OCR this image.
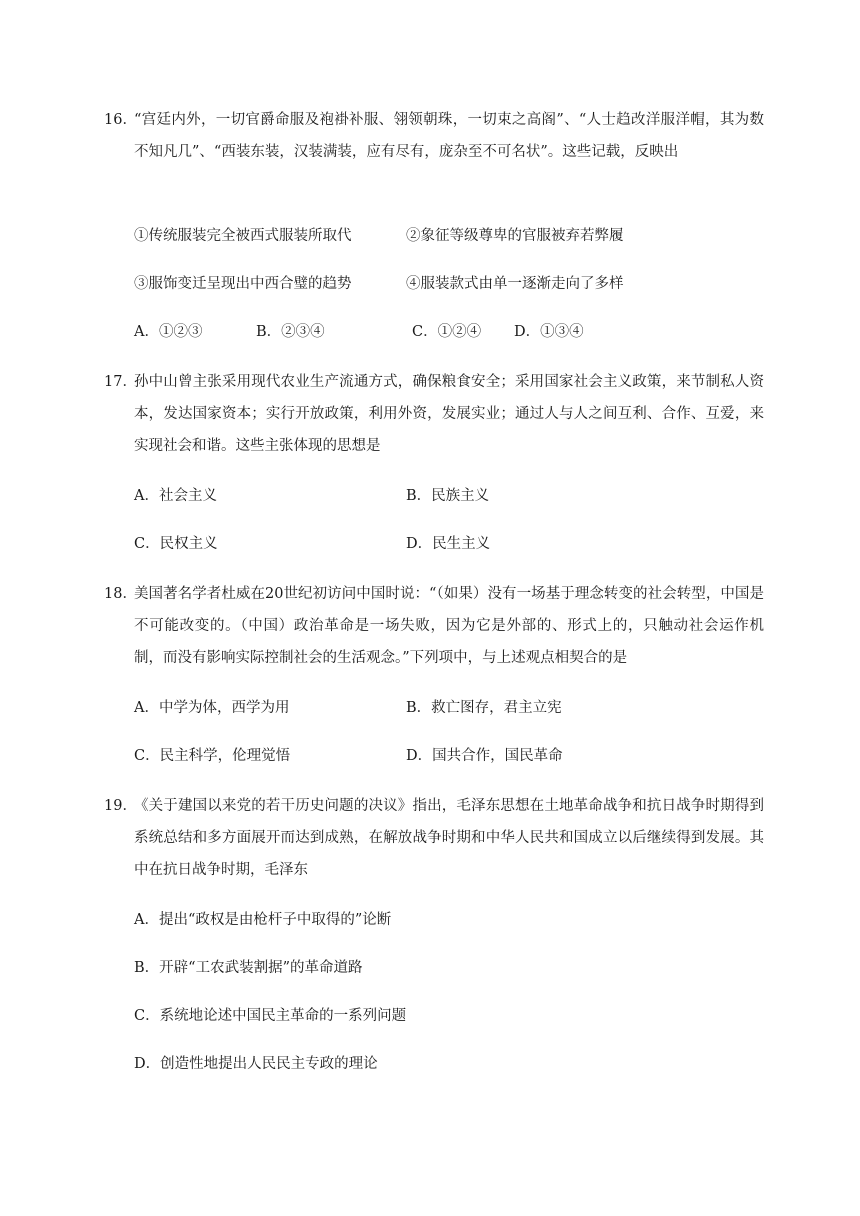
16．
“宫廷内外，一切官爵命服及袍褂补服、翎领朝珠，一切束之高阁”、“人士趋改洋服洋帽，其为数不知凡几”、“西装东装，汉装满装，应有尽有，庞杂至不可名状”。这些记载，反映出
①传统服装完全被西式服装所取代	②象征等级尊卑的官服被弃若弊履
③服饰变迁呈现出中西合璧的趋势	④服装款式由单一逐渐走向了多样
A．①②③	B．②③④	C．①②④ D．①③④
17．
孙中山曾主张采用现代农业生产流通方式，确保粮食安全；采用国家社会主义政策，来节制私人资本，发达国家资本；实行开放政策，利用外资，发展实业；通过人与人之间互利、合作、互爱，来实现社会和谐。这些主张体现的思想是
A．社会主义	B．民族主义
C．民权主义	D．民生主义
18．
美国著名学者杜威在20世纪初访问中国时说：“（如果）没有一场基于理念转变的社会转型，中国是不可能改变的。（中国）政治革命是一场失败，因为它是外部的、形式上的，只触动社会运作机制，而没有影响实际控制社会的生活观念。”下列项中，与上述观点相契合的是
A．中学为体，西学为用	B．救亡图存，君主立宪
C．民主科学，伦理觉悟	D．国共合作，国民革命
19．
《关于建国以来党的若干历史问题的决议》指出，毛泽东思想在土地革命战争和抗日战争时期得到系统总结和多方面展开而达到成熟，在解放战争时期和中华人民共和国成立以后继续得到发展。其中在抗日战争时期，毛泽东
A．提出“政权是由枪杆子中取得的”论断
B．开辟“工农武装割据”的革命道路
C．系统地论述中国民主革命的一系列问题
D．创造性地提出人民民主专政的理论
